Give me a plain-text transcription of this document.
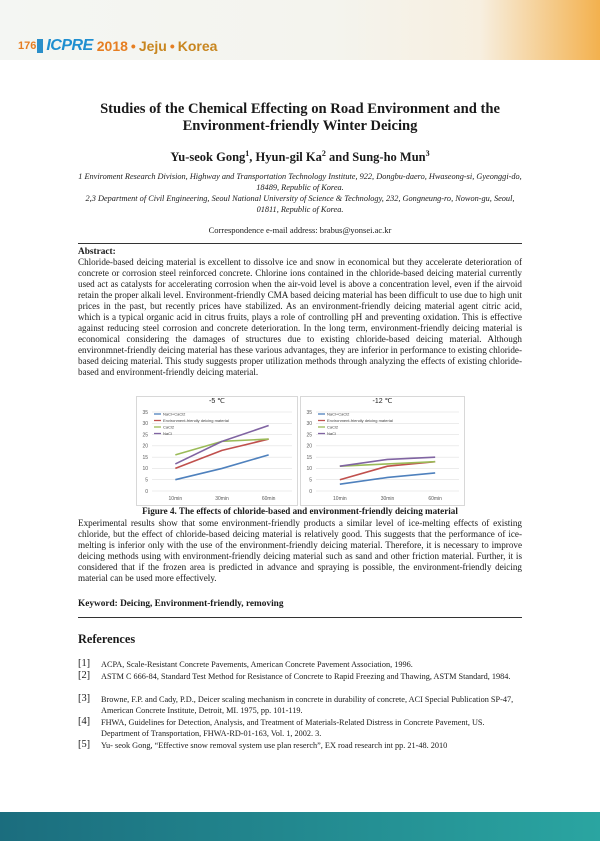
176 ICPRE 2018 • Jeju • Korea
Studies of the Chemical Effecting on Road Environment and the
Environment-friendly Winter Deicing
Yu-seok Gong$^1$, Hyun-gil Ka$^2$ and Sung-ho Mun$^3$
1 Enviroment Research Division, Highway and Transportation Technology Institute, 922, Dongbu-daero, Hwaseong-si, Gyeonggi-do, 18489, Republic of Korea.
2,3 Department of Civil Engineering, Seoul National University of Science & Technology, 232, Gongneung-ro, Nowon-gu, Seoul, 01811, Republic of Korea.
Correspondence e-mail address: brabus@yonsei.ac.kr
Abstract:
Chloride-based deicing material is excellent to dissolve ice and snow in economical but they accelerate deterioration of concrete or corrosion steel reinforced concrete. Chlorine ions contained in the chloride-based deicing material currently used act as catalysts for accelerating corrosion when the air-void level is above a concentration level, even if the airvoid retain the proper alkali level. Environment-friendly CMA based deicing material has been difficult to use due to high unit prices in the past, but recently prices have stabilized. As an environment-friendly deicing material agent citric acid, which is a typical organic acid in citrus fruits, plays a role of controlling pH and preventing oxidation. This is effective against reducing steel corrosion and concrete deterioration. In the long term, environment-friendly deicing material is economical considering the damages of structures due to existing chloride-based deicing material. Although environmnet-friendly deicing material has these various advantages, they are inferior in performance to existing chloride-based deicing material. This study suggests proper utilization methods through analyzing the effects of existing chloride-based and environment-friendly deicing material.
0
5
10
15
20
25
30
35
10min	30min	60min
NaCl+CaCl2
Environment-friendly deicing material
CaCl2
NaCl
-5 ℃
0
5
10
15
20
25
30
35
10min	30min	60min
NaCl+CaCl2
Environment-friendly deicing material
CaCl2
NaCl
-12 ℃
Figure 4. The effects of chloride-based and environment-friendly deicing material
Experimental results show that some environment-friendly products a similar level of ice-melting effects of existing chloride, but the effect of chloride-based deicing material is relatively good. This suggests that the performance of ice-melting is inferior only with the use of the environment-friendly deicing material. Therefore, it is necessary to improve deicing methods using with environment-friendly deicing material such as sand and other friction material. Further, it is considered that if the frozen area is predicted in advance and spraying is possible, the environment-friendly deicing material can be used more effectively.
Keyword: Deicing, Environment-friendly, removing
References
[1] ACPA, Scale-Resistant Concrete Pavements, American Concrete Pavement Association, 1996.
[2] ASTM C 666-84, Standard Test Method for Resistance of Concrete to Rapid Freezing and Thawing, ASTM Standard, 1984.
[3] Browne, F.P. and Cady, P.D., Deicer scaling mechanism in concrete in durability of concrete, ACI Special Publication SP-47, American Concrete Institute, Detroit, MI. 1975, pp. 101-119.
[4] FHWA, Guidelines for Detection, Analysis, and Treatment of Materials-Related Distress in Concrete Pavement, US. Department of Transportation, FHWA-RD-01-163, Vol. 1, 2002. 3.
[5] Yu- seok Gong, “Effective snow removal system use plan reserch”, EX road research int pp. 21-48. 2010
